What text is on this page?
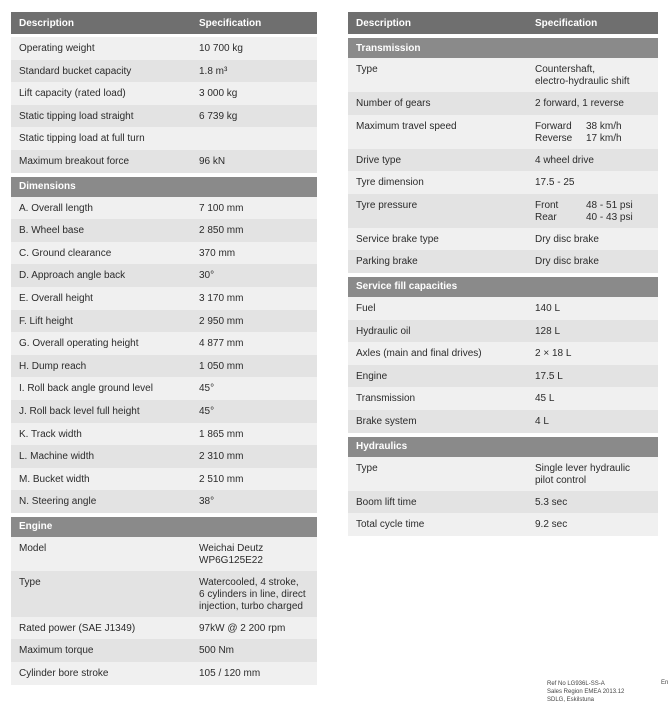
Description	Specification
Operating weight	10 700 kg
Standard bucket capacity	1.8 m³
Lift capacity (rated load)	3 000 kg
Static tipping load straight	6 739 kg
Static tipping load at full turn
Maximum breakout force	96 kN
Dimensions
A. Overall length	7 100 mm
B. Wheel base	2 850 mm
C. Ground clearance	370 mm
D. Approach angle back	30°
E. Overall height	3 170 mm
F. Lift height	2 950 mm
G. Overall operating height	4 877 mm
H. Dump reach	1 050 mm
I. Roll back angle ground level	45°
J. Roll back level full height	45°
K. Track width	1 865 mm
L. Machine width	2 310 mm
M. Bucket width	2 510 mm
N. Steering angle	38°
Engine
Model	Weichai Deutz
WP6G125E22
Type	Watercooled, 4 stroke,
6 cylinders in line, direct
injection, turbo charged
Rated power (SAE J1349)	97kW @ 2 200 rpm
Maximum torque	500 Nm
Cylinder bore stroke	105 / 120 mm
Description	Specification
Transmission
Type	Countershaft,
electro-hydraulic shift
Number of gears	2 forward, 1 reverse
Maximum travel speed	Forward	38 km/h
Reverse	17 km/h
Drive type	4 wheel drive
Tyre dimension	17.5 - 25
Tyre pressure	Front	48 - 51 psi
Rear	40 - 43 psi
Service brake type	Dry disc brake
Parking brake	Dry disc brake
Service fill capacities
Fuel	140 L
Hydraulic oil	128 L
Axles (main and final drives)	2 × 18 L
Engine	17.5 L
Transmission	45 L
Brake system	4 L
Hydraulics
Type	Single lever hydraulic
pilot control
Boom lift time	5.3 sec
Total cycle time	9.2 sec
Ref No LG936L-SS-A
Sales Region EMEA 2013.12
SDLG, Eskilstuna
En
